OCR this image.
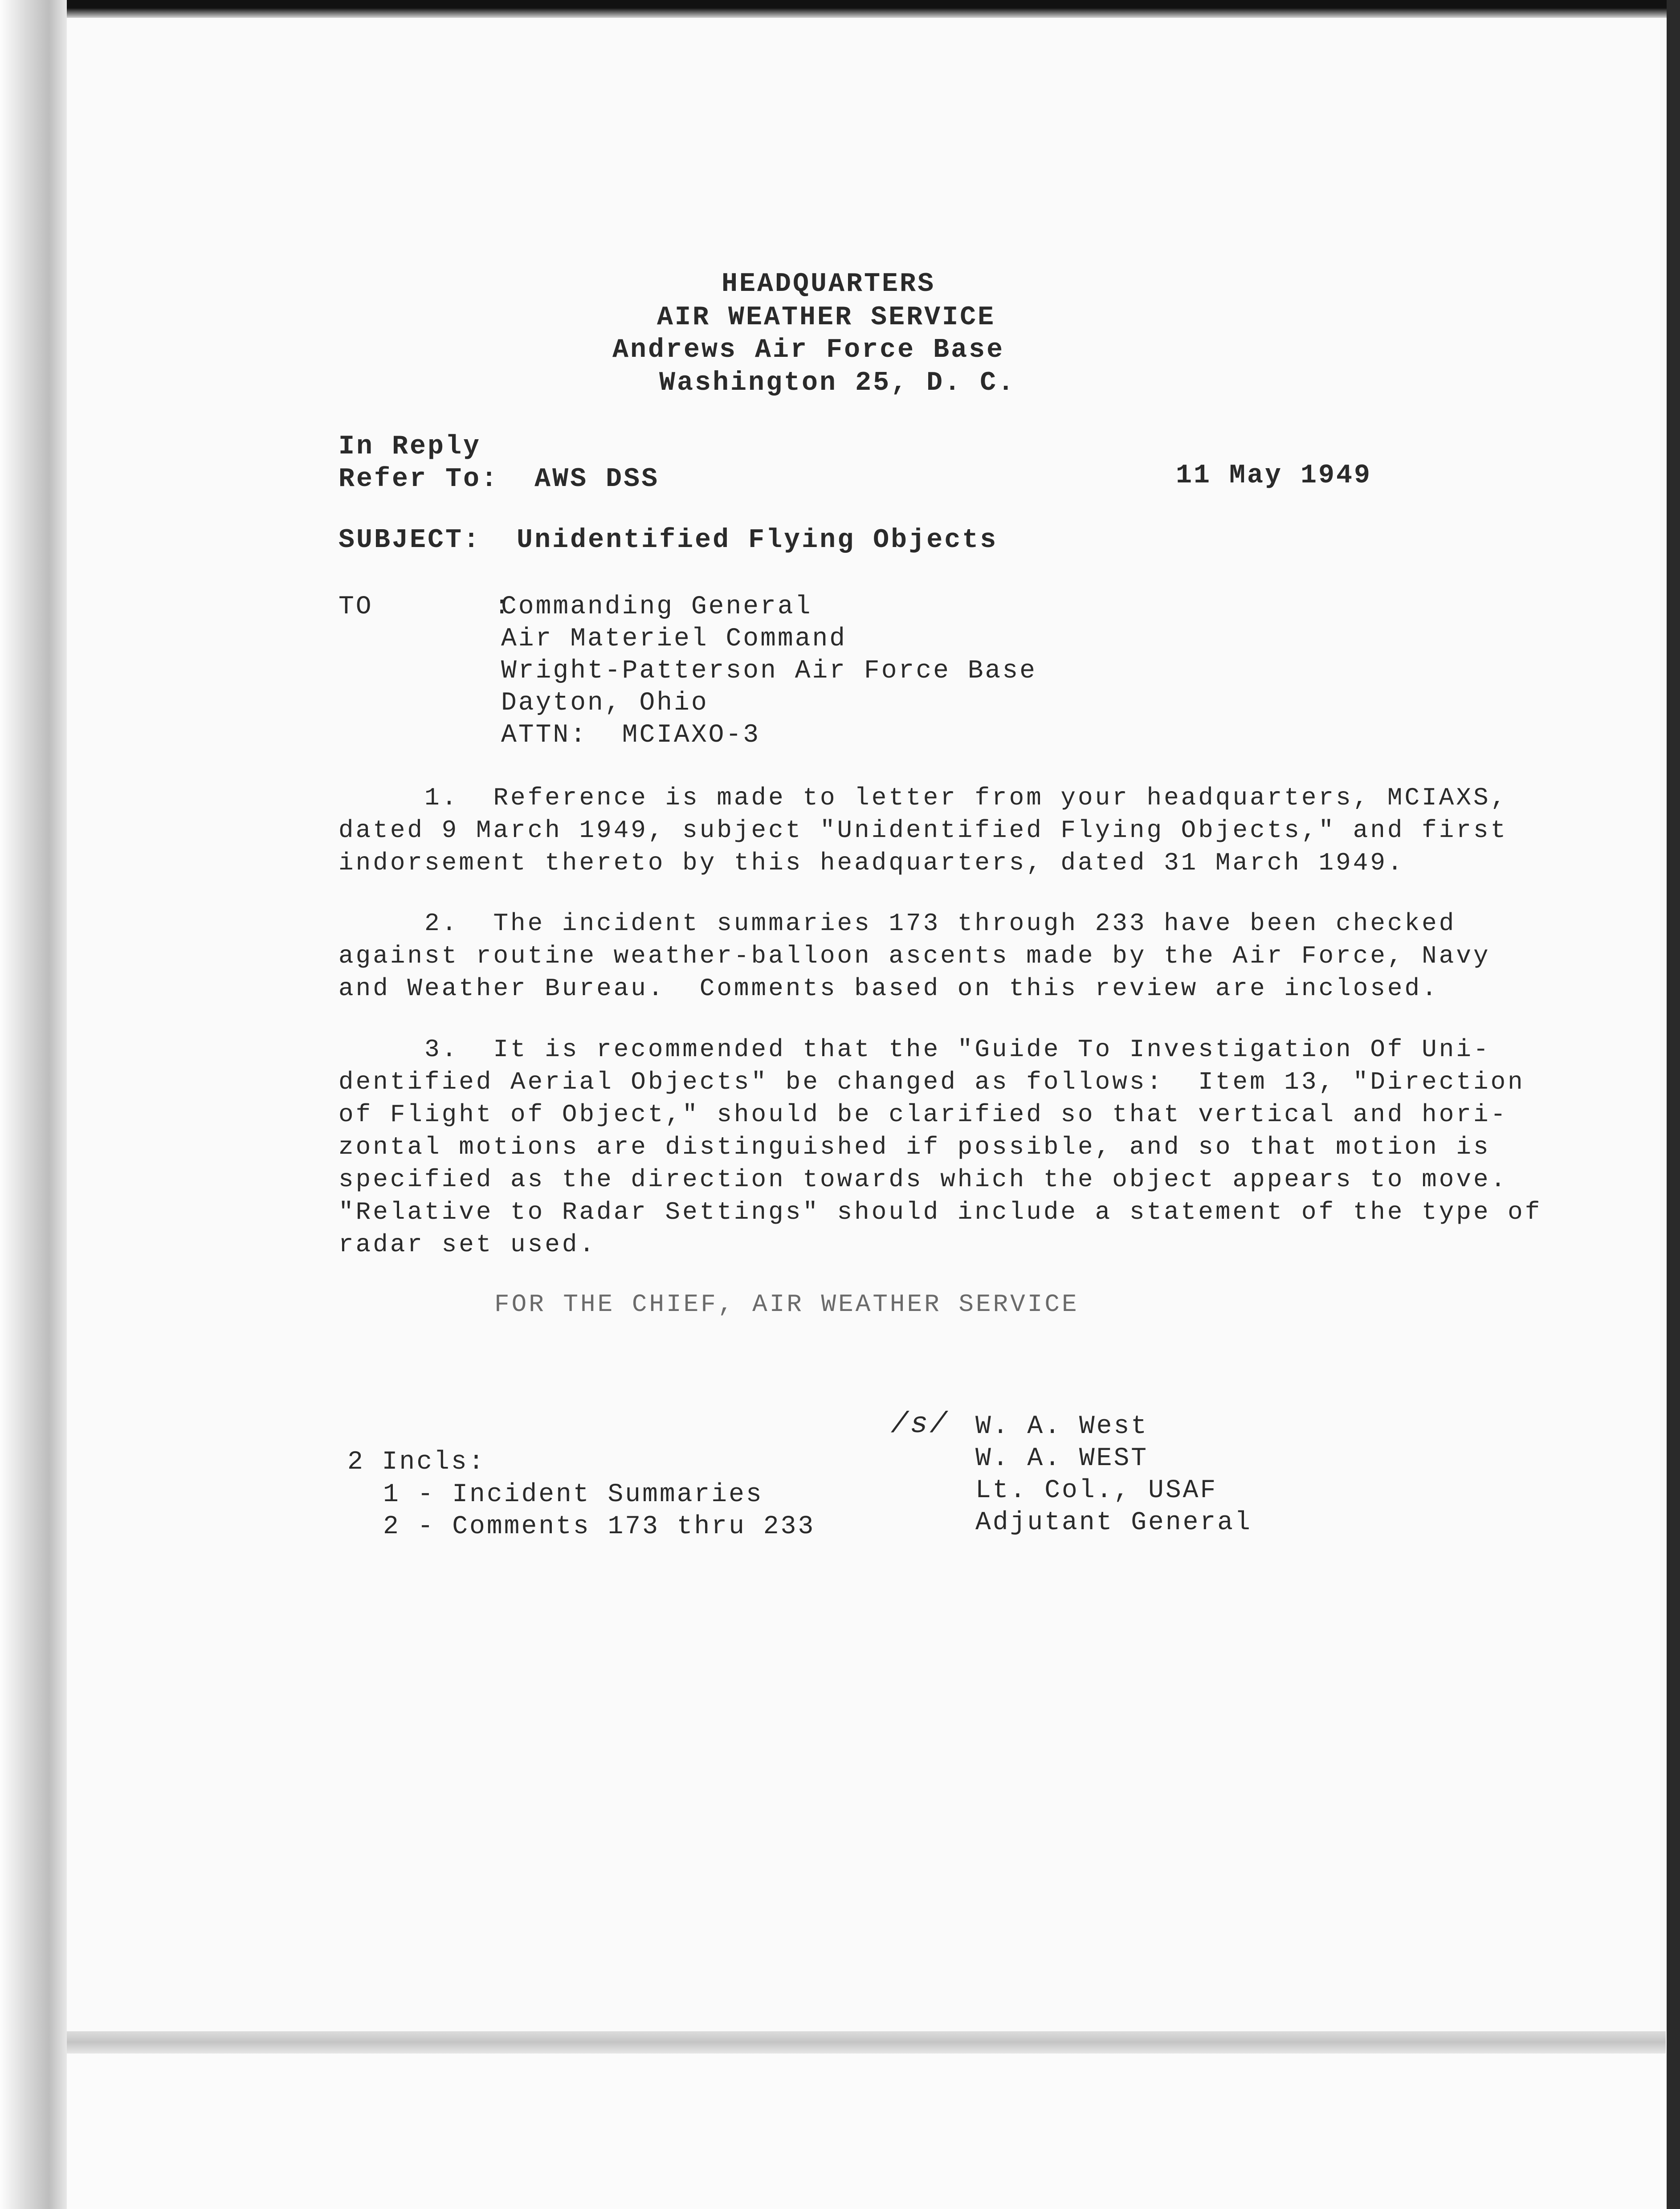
HEADQUARTERS
AIR WEATHER SERVICE
Andrews Air Force Base
Washington 25, D. C.
In Reply
Refer To:  AWS DSS	11 May 1949
SUBJECT:  Unidentified Flying Objects
TO       :
Commanding General
Air Materiel Command
Wright-Patterson Air Force Base
Dayton, Ohio
ATTN:  MCIAXO-3
1.  Reference is made to letter from your headquarters, MCIAXS,
dated 9 March 1949, subject "Unidentified Flying Objects," and first
indorsement thereto by this headquarters, dated 31 March 1949.
2.  The incident summaries 173 through 233 have been checked
against routine weather-balloon ascents made by the Air Force, Navy
and Weather Bureau.  Comments based on this review are inclosed.
3.  It is recommended that the "Guide To Investigation Of Uni-
dentified Aerial Objects" be changed as follows:  Item 13, "Direction
of Flight of Object," should be clarified so that vertical and hori-
zontal motions are distinguished if possible, and so that motion is
specified as the direction towards which the object appears to move.
"Relative to Radar Settings" should include a statement of the type of
radar set used.
FOR THE CHIEF, AIR WEATHER SERVICE
/s/ W. A. West
W. A. WEST
Lt. Col., USAF
Adjutant General
2 Incls:
1 - Incident Summaries
2 - Comments 173 thru 233
